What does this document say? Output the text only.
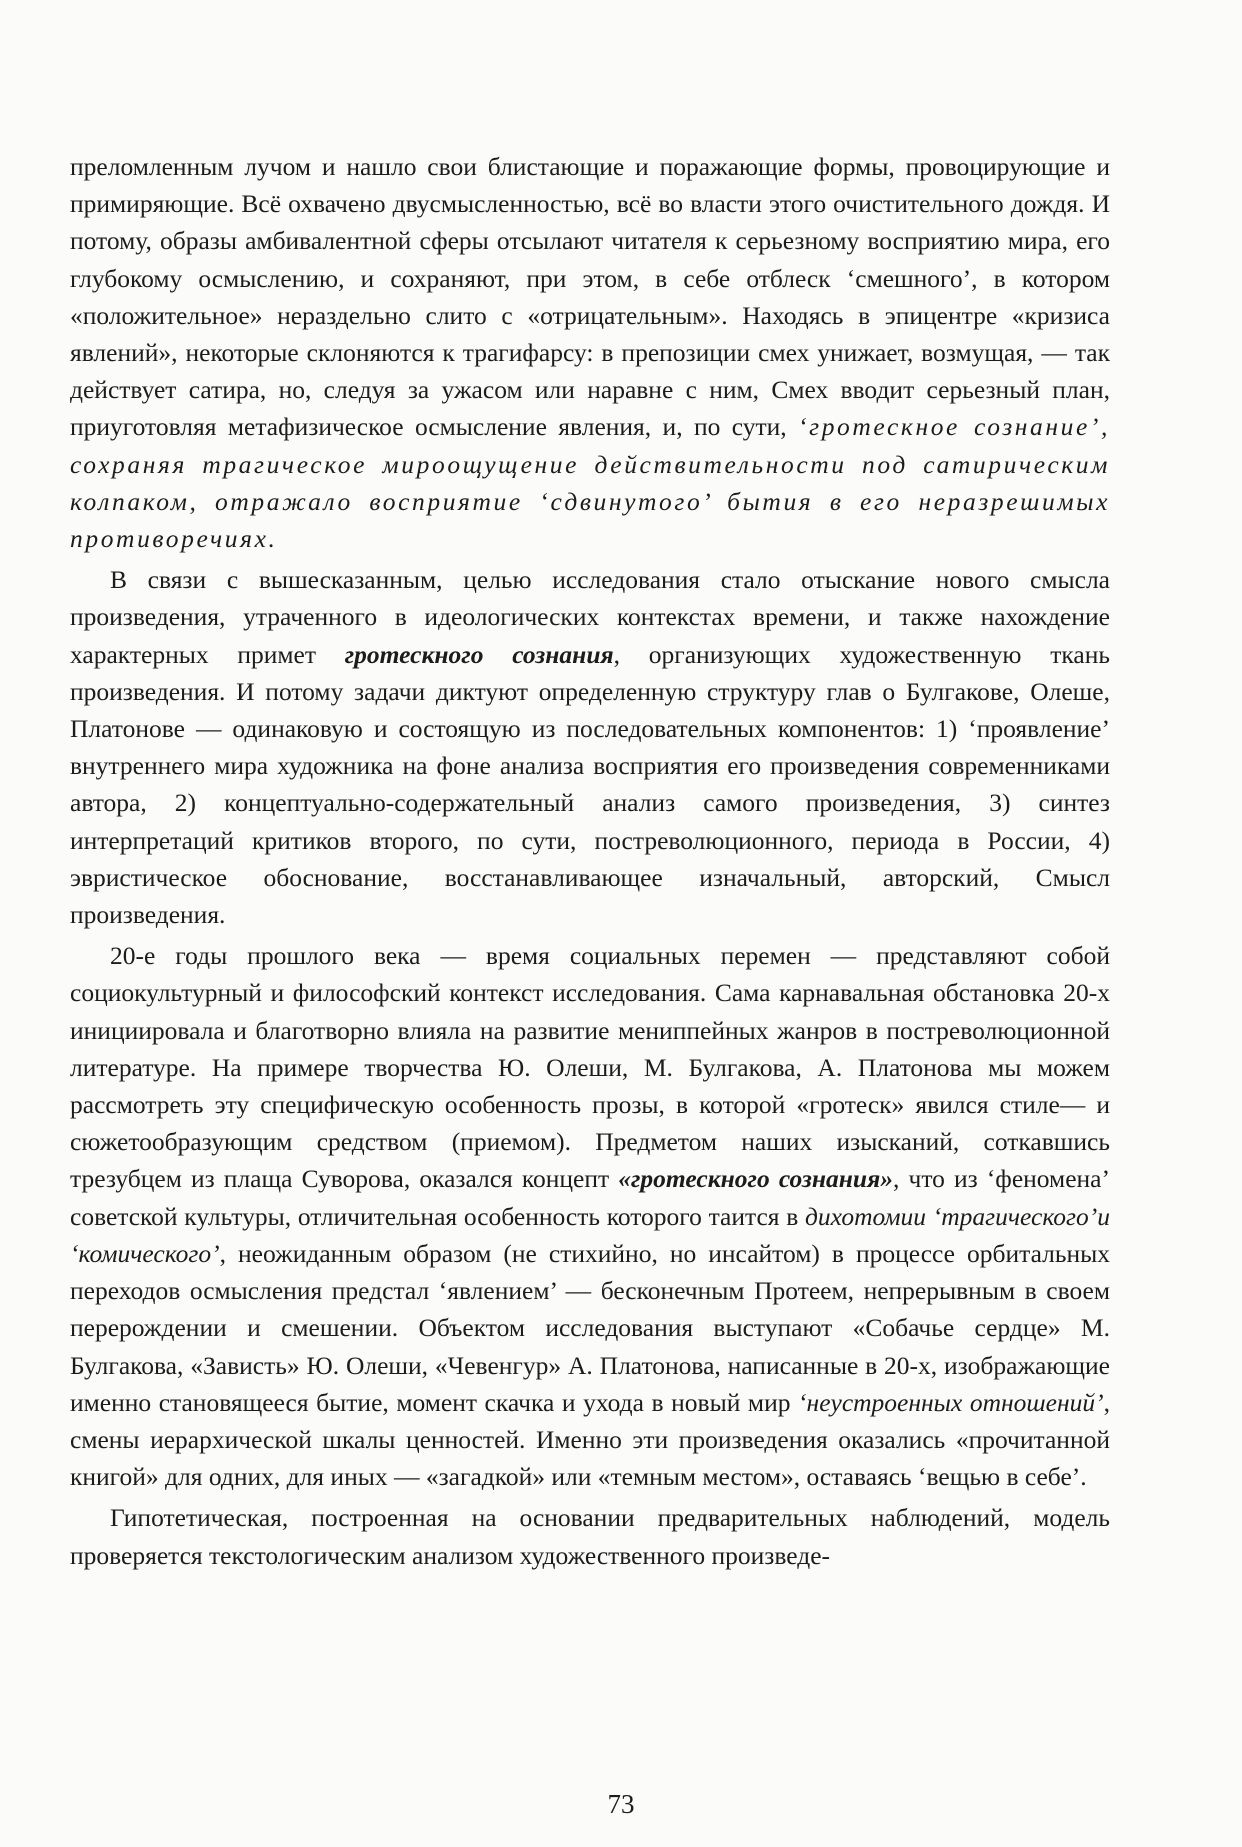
преломленным лучом и нашло свои блистающие и поражающие формы, провоцирующие и примиряющие. Всё охвачено двусмысленностью, всё во власти этого очистительного дождя. И потому, образы амбивалентной сферы отсылают читателя к серьезному восприятию мира, его глубокому осмыслению, и сохраняют, при этом, в себе отблеск ‘смешного’, в котором «положительное» нераздельно слито с «отрицательным». Находясь в эпицентре «кризиса явлений», некоторые склоняются к трагифарсу: в препозиции смех унижает, возмущая, — так действует сатира, но, следуя за ужасом или наравне с ним, Смех вводит серьезный план, приуготовляя метафизическое осмысление явления, и, по сути, ‘гротескное сознание’, сохраняя трагическое мироощущение действительности под сатирическим колпаком, отражало восприятие ‘сдвинутого’ бытия в его неразрешимых противоречиях.

В связи с вышесказанным, целью исследования стало отыскание нового смысла произведения, утраченного в идеологических контекстах времени, и также нахождение характерных примет гротескного сознания, организующих художественную ткань произведения. И потому задачи диктуют определенную структуру глав о Булгакове, Олеше, Платонове — одинаковую и состоящую из последовательных компонентов: 1) ‘проявление’ внутреннего мира художника на фоне анализа восприятия его произведения современниками автора, 2) концептуально-содержательный анализ самого произведения, 3) синтез интерпретаций критиков второго, по сути, постреволюционного, периода в России, 4) эвристическое обоснование, восстанавливающее изначальный, авторский, Смысл произведения.

20-е годы прошлого века — время социальных перемен — представляют собой социокультурный и философский контекст исследования. Сама карнавальная обстановка 20-х инициировала и благотворно влияла на развитие мениппейных жанров в постреволюционной литературе. На примере творчества Ю. Олеши, М. Булгакова, А. Платонова мы можем рассмотреть эту специфическую особенность прозы, в которой «гротеск» явился стиле— и сюжетообразующим средством (приемом). Предметом наших изысканий, соткавшись трезубцем из плаща Суворова, оказался концепт «гротескного сознания», что из ‘феномена’ советской культуры, отличительная особенность которого таится в дихотомии ‘трагического’и ‘комического’, неожиданным образом (не стихийно, но инсайтом) в процессе орбитальных переходов осмысления предстал ‘явлением’ — бесконечным Протеем, непрерывным в своем перерождении и смешении. Объектом исследования выступают «Собачье сердце» М. Булгакова, «Зависть» Ю. Олеши, «Чевенгур» А. Платонова, написанные в 20-х, изображающие именно становящееся бытие, момент скачка и ухода в новый мир ‘неустроенных отношений’, смены иерархической шкалы ценностей. Именно эти произведения оказались «прочитанной книгой» для одних, для иных — «загадкой» или «темным местом», оставаясь ‘вещью в себе’.

Гипотетическая, построенная на основании предварительных наблюдений, модель проверяется текстологическим анализом художественного произведе-

73
